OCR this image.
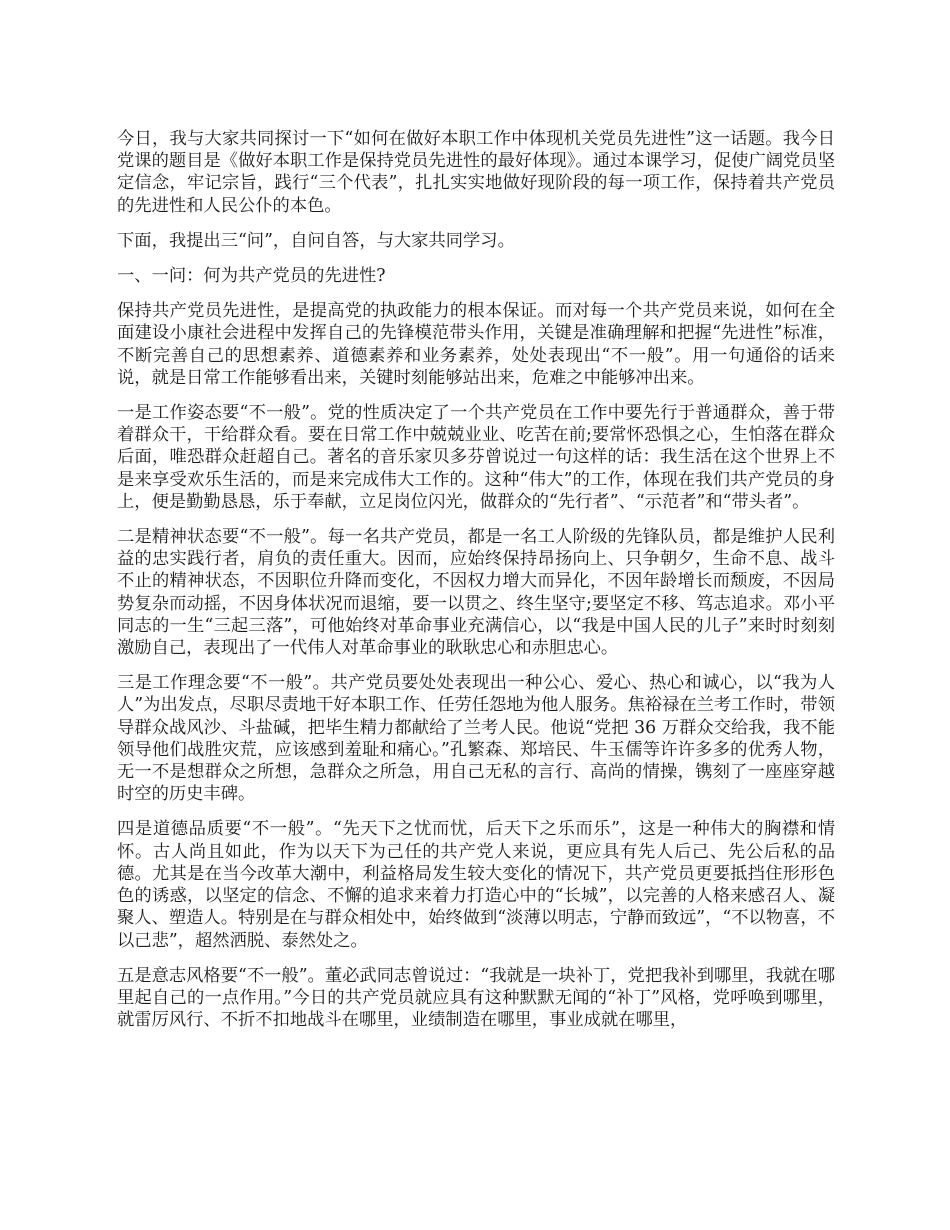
今日，我与大家共同探讨一下“如何在做好本职工作中体现机关党员先进性”这一话题。我今日党课的题目是《做好本职工作是保持党员先进性的最好体现》。通过本课学习，促使广阔党员坚定信念，牢记宗旨，践行“三个代表”，扎扎实实地做好现阶段的每一项工作，保持着共产党员的先进性和人民公仆的本色。

下面，我提出三“问”，自问自答，与大家共同学习。

一、一问：何为共产党员的先进性?

保持共产党员先进性，是提高党的执政能力的根本保证。而对每一个共产党员来说，如何在全面建设小康社会进程中发挥自己的先锋模范带头作用，关键是准确理解和把握“先进性”标准，不断完善自己的思想素养、道德素养和业务素养，处处表现出“不一般”。用一句通俗的话来说，就是日常工作能够看出来，关键时刻能够站出来，危难之中能够冲出来。

一是工作姿态要“不一般”。党的性质决定了一个共产党员在工作中要先行于普通群众，善于带着群众干，干给群众看。要在日常工作中兢兢业业、吃苦在前;要常怀恐惧之心，生怕落在群众后面，唯恐群众赶超自己。著名的音乐家贝多芬曾说过一句这样的话：我生活在这个世界上不是来享受欢乐生活的，而是来完成伟大工作的。这种“伟大”的工作，体现在我们共产党员的身上，便是勤勤恳恳，乐于奉献，立足岗位闪光，做群众的“先行者”、“示范者”和“带头者”。

二是精神状态要“不一般”。每一名共产党员，都是一名工人阶级的先锋队员，都是维护人民利益的忠实践行者，肩负的责任重大。因而，应始终保持昂扬向上、只争朝夕，生命不息、战斗不止的精神状态，不因职位升降而变化，不因权力增大而异化，不因年龄增长而颓废，不因局势复杂而动摇，不因身体状况而退缩，要一以贯之、终生坚守;要坚定不移、笃志追求。邓小平同志的一生“三起三落”，可他始终对革命事业充满信心，以“我是中国人民的儿子”来时时刻刻激励自己，表现出了一代伟人对革命事业的耿耿忠心和赤胆忠心。

三是工作理念要“不一般”。共产党员要处处表现出一种公心、爱心、热心和诚心，以“我为人人”为出发点，尽职尽责地干好本职工作、任劳任怨地为他人服务。焦裕禄在兰考工作时，带领导群众战风沙、斗盐碱，把毕生精力都献给了兰考人民。他说“党把 36 万群众交给我，我不能领导他们战胜灾荒，应该感到羞耻和痛心。”孔繁森、郑培民、牛玉儒等许许多多的优秀人物，无一不是想群众之所想，急群众之所急，用自己无私的言行、高尚的情操，镌刻了一座座穿越时空的历史丰碑。

四是道德品质要“不一般”。“先天下之忧而忧，后天下之乐而乐”，这是一种伟大的胸襟和情怀。古人尚且如此，作为以天下为己任的共产党人来说，更应具有先人后己、先公后私的品德。尤其是在当今改革大潮中，利益格局发生较大变化的情况下，共产党员更要抵挡住形形色色的诱惑，以坚定的信念、不懈的追求来着力打造心中的“长城”，以完善的人格来感召人、凝聚人、塑造人。特别是在与群众相处中，始终做到“淡薄以明志，宁静而致远”，“不以物喜，不以己悲”，超然洒脱、泰然处之。

五是意志风格要“不一般”。董必武同志曾说过：“我就是一块补丁，党把我补到哪里，我就在哪里起自己的一点作用。”今日的共产党员就应具有这种默默无闻的“补丁”风格，党呼唤到哪里，就雷厉风行、不折不扣地战斗在哪里，业绩制造在哪里，事业成就在哪里，
